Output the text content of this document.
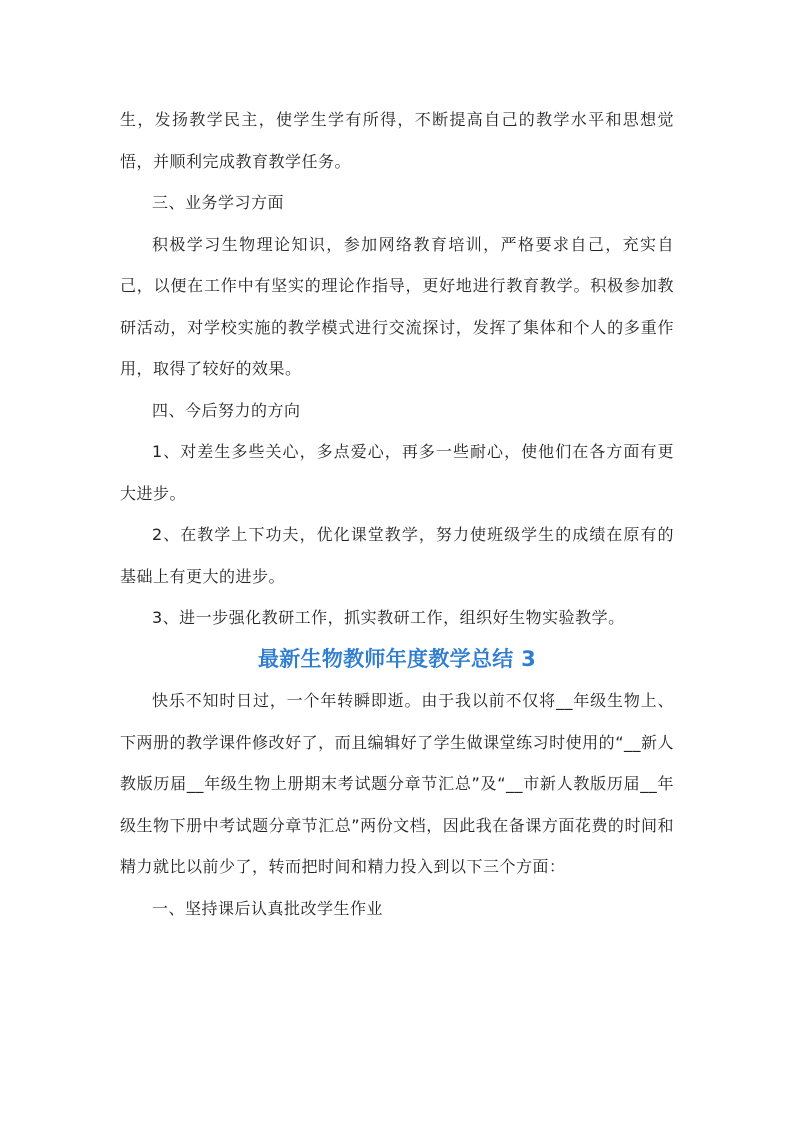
生，发扬教学民主，使学生学有所得，不断提高自己的教学水平和思想觉悟，并顺利完成教育教学任务。

三、业务学习方面

积极学习生物理论知识，参加网络教育培训，严格要求自己，充实自己，以便在工作中有坚实的理论作指导，更好地进行教育教学。积极参加教研活动，对学校实施的教学模式进行交流探讨，发挥了集体和个人的多重作用，取得了较好的效果。

四、今后努力的方向

1、对差生多些关心，多点爱心，再多一些耐心，使他们在各方面有更大进步。

2、在教学上下功夫，优化课堂教学，努力使班级学生的成绩在原有的基础上有更大的进步。

3、进一步强化教研工作，抓实教研工作，组织好生物实验教学。

最新生物教师年度教学总结 3

快乐不知时日过，一个年转瞬即逝。由于我以前不仅将__年级生物上、下两册的教学课件修改好了，而且编辑好了学生做课堂练习时使用的“__新人教版历届__年级生物上册期末考试题分章节汇总”及“__市新人教版历届__年级生物下册中考试题分章节汇总”两份文档，因此我在备课方面花费的时间和精力就比以前少了，转而把时间和精力投入到以下三个方面：

一、坚持课后认真批改学生作业
